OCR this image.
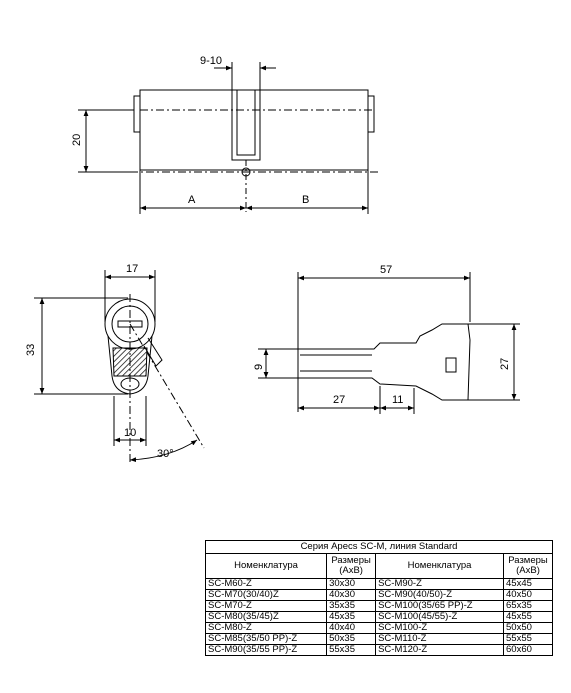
9-10
20
A	B
17
33
10
30°
57
27	11
9	27
Серия Apecs SC-M, линия Standard			
Номенклатура	Размеры (AxB)	Номенклатура	Размеры (AxB)
SC-M60-Z	30x30	SC-M90-Z	45x45
SC-M70(30/40)Z	40x30	SC-M90(40/50)-Z	40x50
SC-M70-Z	35x35	SC-M100(35/65 PP)-Z	65x35
SC-M80(35/45)Z	45x35	SC-M100(45/55)-Z	45x55
SC-M80-Z	40x40	SC-M100-Z	50x50
SC-M85(35/50 PP)-Z	50x35	SC-M110-Z	55x55
SC-M90(35/55 PP)-Z	55x35	SC-M120-Z	60x60
